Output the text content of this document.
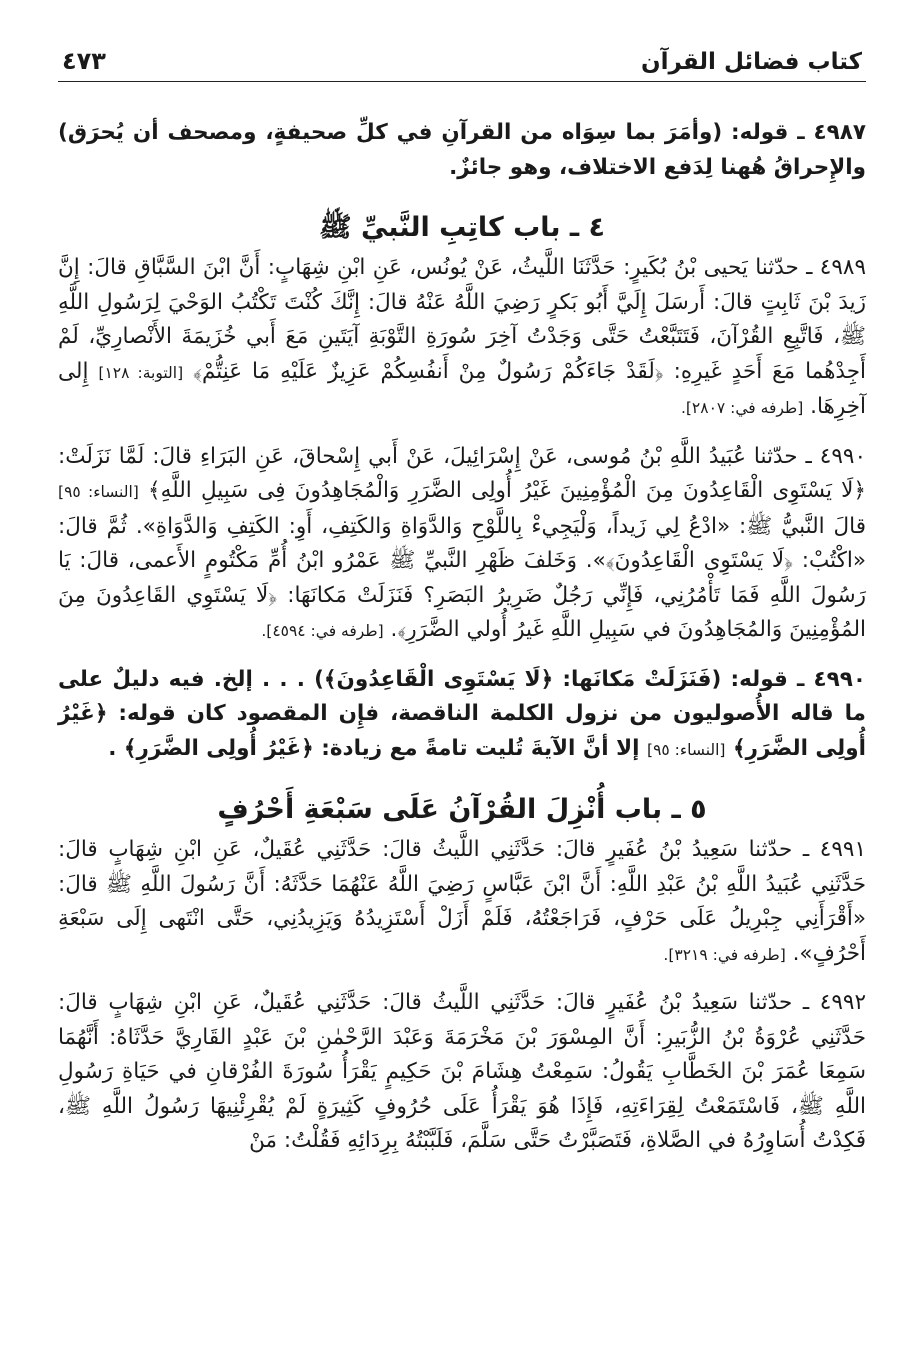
كتاب فضائل القرآن
٤٧٣

٤٩٨٧ ـ قوله: (وأمَرَ بما سِوَاه من القرآنِ في كلِّ صحيفةٍ، ومصحف أن يُحرَق) والإِحراقُ هُهنا لِدَفع الاختلاف، وهو جائزٌ.

٤ ـ باب كاتِبِ النَّبيِّ ﷺ

٤٩٨٩ ـ حدّثنا يَحيى بْنُ بُكَيرٍ: حَدَّثَنَا اللَّيثُ، عَنْ يُونُس، عَنِ ابْنِ شِهَابٍ: أَنَّ ابْنَ السَّبَّاقِ قالَ: إِنَّ زَيدَ بْنَ ثَابِتٍ قالَ: أَرسَلَ إِلَيَّ أَبُو بَكرٍ رَضِيَ اللَّهُ عَنْهُ قالَ: إِنَّكَ كُنْتَ تَكْتُبُ الوَحْيَ لِرَسُولِ اللَّهِ ﷺ، فَاتَّبِعِ القُرْآنَ، فَتَتَبَّعْتُ حَتَّى وَجَدْتُ آخِرَ سُورَةِ التَّوْبَةِ آيَتَينِ مَعَ أَبي خُزَيمَةَ الأَنْصارِيِّ، لَمْ أَجِدْهُما مَعَ أَحَدٍ غَيرِهِ: ﴿لَقَدْ جَاءَكُمْ رَسُولٌ مِنْ أَنفُسِكُمْ عَزِيزٌ عَلَيْهِ مَا عَنِتُّمْ﴾ [التوبة: ١٢٨] إِلى آخِرِهَا. [طرفه في: ٢٨٠٧].

٤٩٩٠ ـ حدّثنا عُبَيدُ اللَّهِ بْنُ مُوسى، عَنْ إِسْرَائِيلَ، عَنْ أَبي إِسْحاقَ، عَنِ البَرَاءِ قالَ: لَمَّا نَزَلَتْ: ﴿لَا يَسْتَوِى الْقَاعِدُونَ مِنَ الْمُؤْمِنِينَ غَيْرُ أُولِى الضَّرَرِ وَالْمُجَاهِدُونَ فِى سَبِيلِ اللَّهِ﴾ [النساء: ٩٥] قالَ النَّبيُّ ﷺ: «ادْعُ لِي زَيداً، وَلْيَجِيءْ بِاللَّوْحِ وَالدَّوَاةِ وَالكَتِفِ، أَوِ: الكَتِفِ وَالدَّوَاةِ». ثُمَّ قالَ: «اكْتُبْ: ﴿لَا يَسْتَوِى الْقَاعِدُونَ﴾». وَخَلفَ ظَهْرِ النَّبيِّ ﷺ عَمْرُو ابْنُ أُمِّ مَكْتُومٍ الأَعمى، قالَ: يَا رَسُولَ اللَّهِ فَمَا تَأْمُرُنِي، فَإِنِّي رَجُلٌ ضَرِيرُ البَصَرِ؟ فَنَزَلَتْ مَكانَهَا: ﴿لَا يَسْتَوِي القَاعِدُونَ مِنَ المُؤْمِنِينَ وَالمُجَاهِدُونَ في سَبِيلِ اللَّهِ غَيرُ أُولي الضَّرَرِ﴾. [طرفه في: ٤٥٩٤].

٤٩٩٠ ـ قوله: (فَنَزَلَتْ مَكانَها: ﴿لَا يَسْتَوِى الْقَاعِدُونَ﴾) . . . إلخ. فيه دليلٌ على ما قاله الأُصوليون من نزول الكلمة الناقصة، فإِن المقصود كان قوله: ﴿غَيْرُ أُولِى الضَّرَرِ﴾ [النساء: ٩٥] إلا أنَّ الآيةَ تُليت تامةً مع زيادة: ﴿غَيْرُ أُولِى الضَّرَرِ﴾ .

٥ ـ باب أُنْزِلَ القُرْآنُ عَلَى سَبْعَةِ أَحْرُفٍ

٤٩٩١ ـ حدّثنا سَعِيدُ بْنُ عُفَيرٍ قالَ: حَدَّثَنِي اللَّيثُ قالَ: حَدَّثَنِي عُقَيلٌ، عَنِ ابْنِ شِهَابٍ قالَ: حَدَّثَنِي عُبَيدُ اللَّهِ بْنُ عَبْدِ اللَّهِ: أَنَّ ابْنَ عَبَّاسٍ رَضِيَ اللَّهُ عَنْهُمَا حَدَّثَهُ: أَنَّ رَسُولَ اللَّهِ ﷺ قالَ: «أَقْرَأَنِي جِبْرِيلُ عَلَى حَرْفٍ، فَرَاجَعْتُهُ، فَلَمْ أَزَلْ أَسْتَزِيدُهُ وَيَزِيدُنِي، حَتَّى انْتَهى إِلَى سَبْعَةِ أَحْرُفٍ». [طرفه في: ٣٢١٩].

٤٩٩٢ ـ حدّثنا سَعِيدُ بْنُ عُفَيرٍ قالَ: حَدَّثَنِي اللَّيثُ قالَ: حَدَّثَنِي عُقَيلٌ، عَنِ ابْنِ شِهَابٍ قالَ: حَدَّثَنِي عُرْوَةُ بْنُ الزُّبَيرِ: أَنَّ المِسْوَرَ بْنَ مَخْرَمَةَ وَعَبْدَ الرَّحْمٰنِ بْنَ عَبْدٍ القَارِيَّ حَدَّثَاهُ: أَنَّهُمَا سَمِعَا عُمَرَ بْنَ الخَطَّابِ يَقُولُ: سَمِعْتُ هِشَامَ بْنَ حَكِيمٍ يَقْرَأُ سُورَةَ الفُرْقانِ في حَيَاةِ رَسُولِ اللَّهِ ﷺ، فَاسْتَمَعْتُ لِقِرَاءَتِهِ، فَإِذَا هُوَ يَقْرَأُ عَلَى حُرُوفٍ كَثِيرَةٍ لَمْ يُقْرِئْنِيهَا رَسُولُ اللَّهِ ﷺ، فَكِدْتُ أُسَاوِرُهُ في الصَّلاةِ، فَتَصَبَّرْتُ حَتَّى سَلَّمَ، فَلَبَّبْتُهُ بِرِدَائِهِ فَقُلْتُ: مَنْ
